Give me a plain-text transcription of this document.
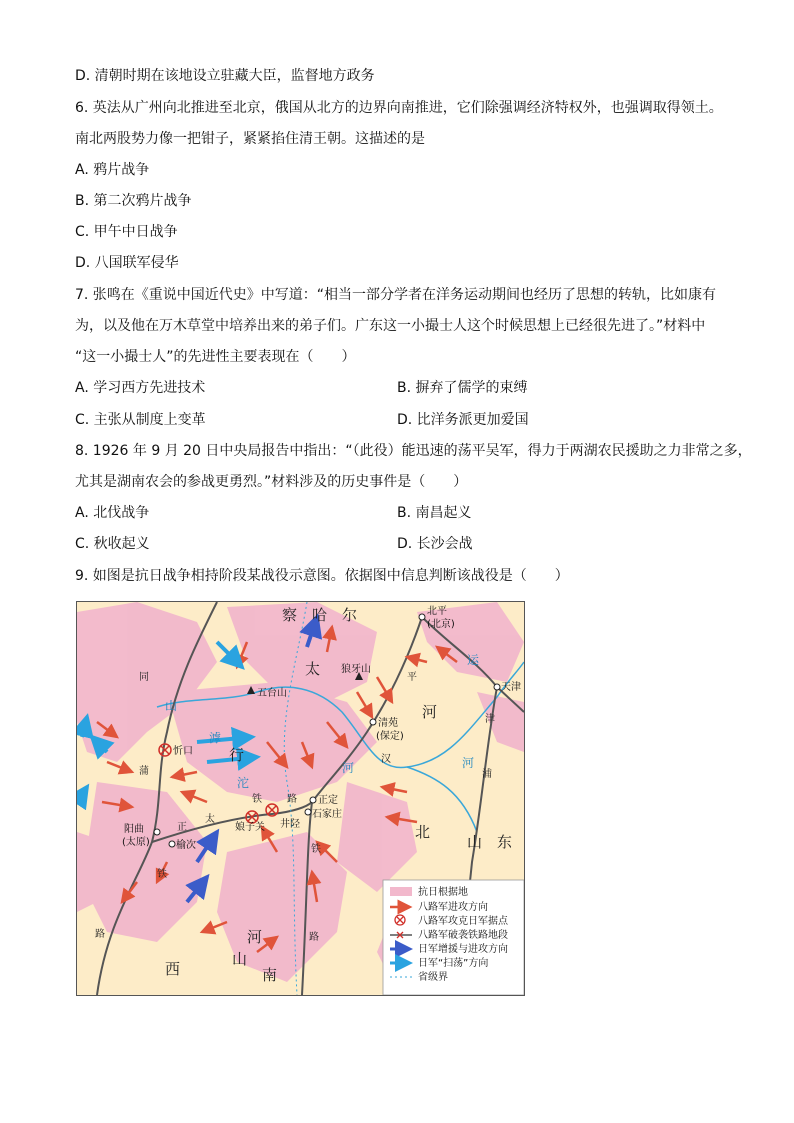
D. 清朝时期在该地设立驻藏大臣，监督地方政务
6. 英法从广州向北推进至北京，俄国从北方的边界向南推进，它们除强调经济特权外，也强调取得领土。
南北两股势力像一把钳子，紧紧掐住清王朝。这描述的是
A. 鸦片战争
B. 第二次鸦片战争
C. 甲午中日战争
D. 八国联军侵华
7. 张鸣在《重说中国近代史》中写道：“相当一部分学者在洋务运动期间也经历了思想的转轨，比如康有
为，以及他在万木草堂中培养出来的弟子们。广东这一小撮士人这个时候思想上已经很先进了。”材料中
“这一小撮士人”的先进性主要表现在（　　）
A. 学习西方先进技术	B. 摒弃了儒学的束缚
C. 主张从制度上变革	D. 比洋务派更加爱国
8. 1926 年 9 月 20 日中央局报告中指出：“（此役）能迅速的荡平吴军，得力于两湖农民援助之力非常之多，
尤其是湖南农会的参战更勇烈。”材料涉及的历史事件是（　　）
A. 北伐战争	B. 南昌起义
C. 秋收起义	D. 长沙会战
9. 如图是抗日战争相持阶段某战役示意图。依据图中信息判断该战役是（　　）
察 哈 尔
太
行
山
西
河
南
河
北
山 东
滹
沱
河
运
河
山
平
汉
铁
路
正
太
铁	路
同
蒲
铁
路
津
浦
北平
(北京)
天津
狼牙山
五台山
清苑
(保定)
忻口
正定
石家庄
井陉
娘子关
阳曲
(太原)	榆次
抗日根据地
八路军进攻方向
八路军攻克日军据点
八路军破袭铁路地段
日军增援与进攻方向
日军“扫荡”方向
省级界
